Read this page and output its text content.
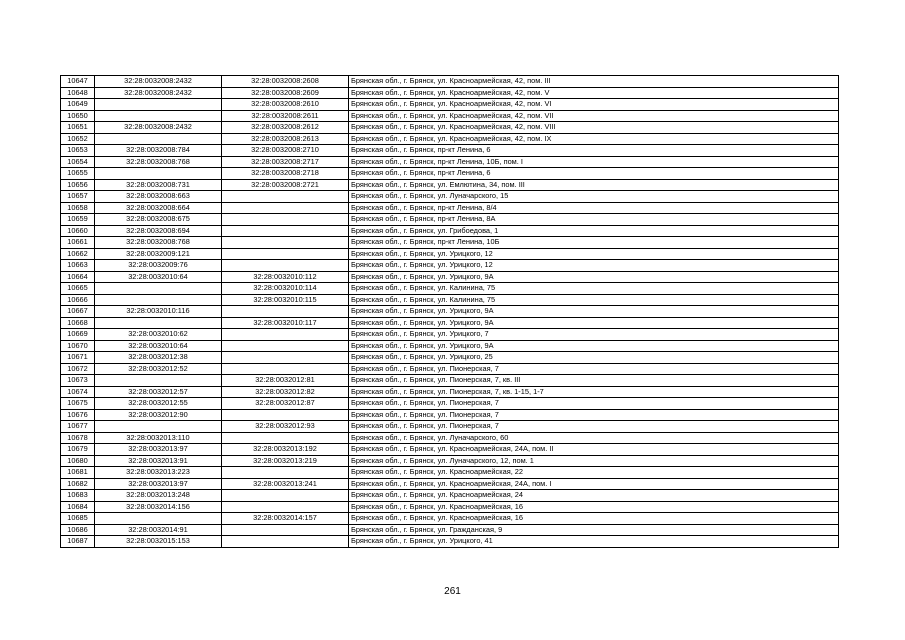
10647	32:28:0032008:2432	32:28:0032008:2608	Брянская обл., г. Брянск, ул. Красноармейская, 42, пом. III
10648	32:28:0032008:2432	32:28:0032008:2609	Брянская обл., г. Брянск, ул. Красноармейская, 42, пом. V
10649		32:28:0032008:2610	Брянская обл., г. Брянск, ул. Красноармейская, 42, пом. VI
10650		32:28:0032008:2611	Брянская обл., г. Брянск, ул. Красноармейская, 42, пом. VII
10651	32:28:0032008:2432	32:28:0032008:2612	Брянская обл., г. Брянск, ул. Красноармейская, 42, пом. VIII
10652		32:28:0032008:2613	Брянская обл., г. Брянск, ул. Красноармейская, 42, пом. IX
10653	32:28:0032008:784	32:28:0032008:2710	Брянская обл., г. Брянск, пр-кт Ленина, 6
10654	32:28:0032008:768	32:28:0032008:2717	Брянская обл., г. Брянск, пр-кт Ленина, 10Б, пом. I
10655		32:28:0032008:2718	Брянская обл., г. Брянск, пр-кт Ленина, 6
10656	32:28:0032008:731	32:28:0032008:2721	Брянская обл., г. Брянск, ул. Емлютина, 34, пом. III
10657	32:28:0032008:663		Брянская обл., г. Брянск, ул. Луначарского, 15
10658	32:28:0032008:664		Брянская обл., г. Брянск, пр-кт Ленина, 8/4
10659	32:28:0032008:675		Брянская обл., г. Брянск, пр-кт Ленина, 8А
10660	32:28:0032008:694		Брянская обл., г. Брянск, ул. Грибоедова, 1
10661	32:28:0032008:768		Брянская обл., г. Брянск, пр-кт Ленина, 10Б
10662	32:28:0032009:121		Брянская обл., г. Брянск, ул. Урицкого, 12
10663	32:28:0032009:76		Брянская обл., г. Брянск, ул. Урицкого, 12
10664	32:28:0032010:64	32:28:0032010:112	Брянская обл., г. Брянск, ул. Урицкого, 9А
10665		32:28:0032010:114	Брянская обл., г. Брянск, ул. Калинина, 75
10666		32:28:0032010:115	Брянская обл., г. Брянск, ул. Калинина, 75
10667	32:28:0032010:116		Брянская обл., г. Брянск, ул. Урицкого, 9А
10668		32:28:0032010:117	Брянская обл., г. Брянск, ул. Урицкого, 9А
10669	32:28:0032010:62		Брянская обл., г. Брянск, ул. Урицкого, 7
10670	32:28:0032010:64		Брянская обл., г. Брянск, ул. Урицкого, 9А
10671	32:28:0032012:38		Брянская обл., г. Брянск, ул. Урицкого, 25
10672	32:28:0032012:52		Брянская обл., г. Брянск, ул. Пионерская, 7
10673		32:28:0032012:81	Брянская обл., г. Брянск, ул. Пионерская, 7, кв. III
10674	32:28:0032012:57	32:28:0032012:82	Брянская обл., г. Брянск, ул. Пионерская, 7, кв. 1-15, 1-7
10675	32:28:0032012:55	32:28:0032012:87	Брянская обл., г. Брянск, ул. Пионерская, 7
10676	32:28:0032012:90		Брянская обл., г. Брянск, ул. Пионерская, 7
10677		32:28:0032012:93	Брянская обл., г. Брянск, ул. Пионерская, 7
10678	32:28:0032013:110		Брянская обл., г. Брянск, ул. Луначарского, 60
10679	32:28:0032013:97	32:28:0032013:192	Брянская обл., г. Брянск, ул. Красноармейская, 24А, пом. II
10680	32:28:0032013:91	32:28:0032013:219	Брянская обл., г. Брянск, ул. Луначарского, 12, пом. 1
10681	32:28:0032013:223		Брянская обл., г. Брянск, ул. Красноармейская, 22
10682	32:28:0032013:97	32:28:0032013:241	Брянская обл., г. Брянск, ул. Красноармейская, 24А, пом. I
10683	32:28:0032013:248		Брянская обл., г. Брянск, ул. Красноармейская, 24
10684	32:28:0032014:156		Брянская обл., г. Брянск, ул. Красноармейская, 16
10685		32:28:0032014:157	Брянская обл., г. Брянск, ул. Красноармейская, 16
10686	32:28:0032014:91		Брянская обл., г. Брянск, ул. Гражданская, 9
10687	32:28:0032015:153		Брянская обл., г. Брянск, ул. Урицкого, 41
261
